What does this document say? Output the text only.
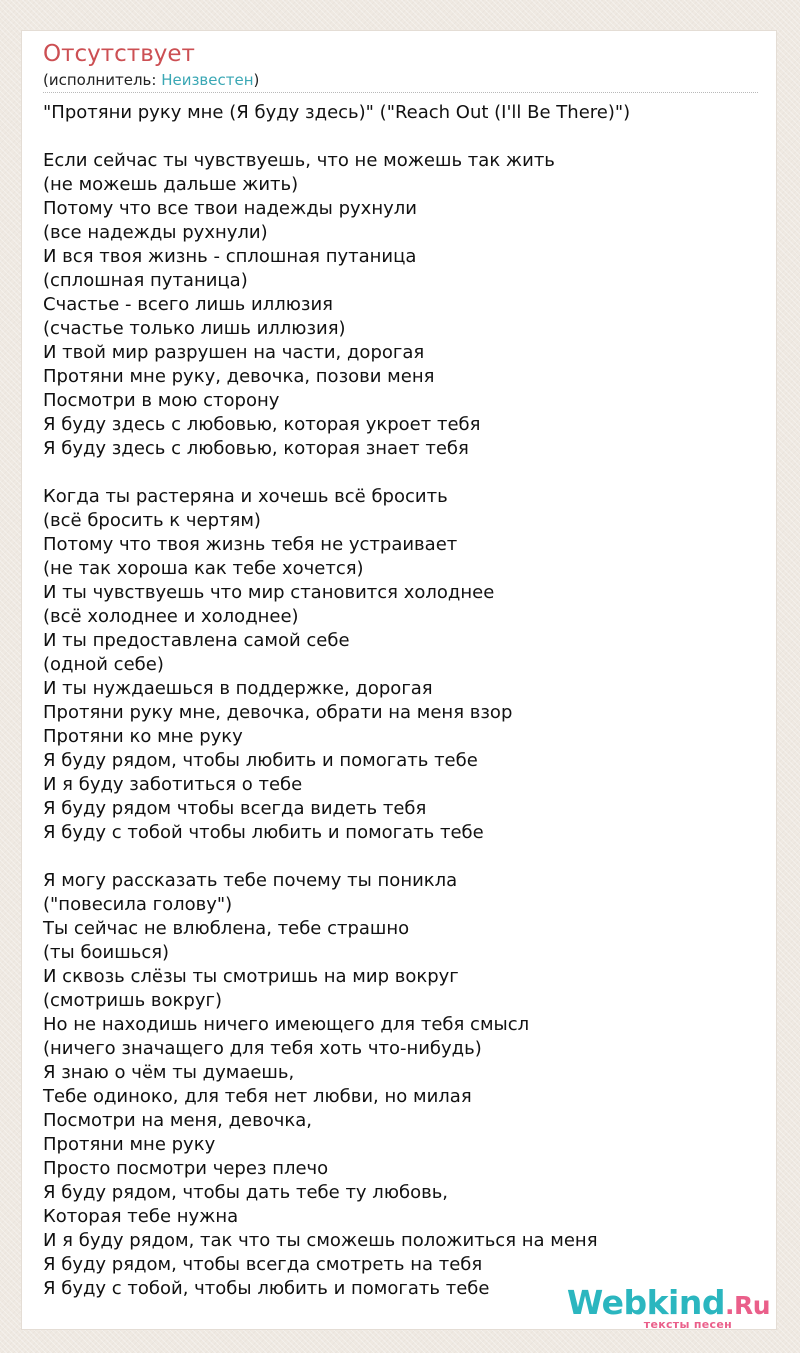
Отсутствует
(исполнитель: Неизвестен)
"Протяни руку мне (Я буду здесь)" ("Reach Out (I'll Be There)")

Если сейчас ты чувствуешь, что не можешь так жить
(не можешь дальше жить)
Потому что все твои надежды рухнули
(все надежды рухнули)
И вся твоя жизнь - сплошная путаница
(сплошная путаница)
Счастье - всего лишь иллюзия
(счастье только лишь иллюзия)
И твой мир разрушен на части, дорогая
Протяни мне руку, девочка, позови меня
Посмотри в мою сторону
Я буду здесь с любовью, которая укроет тебя
Я буду здесь с любовью, которая знает тебя

Когда ты растеряна и хочешь всё бросить
(всё бросить к чертям)
Потому что твоя жизнь тебя не устраивает
(не так хороша как тебе хочется)
И ты чувствуешь что мир становится холоднее
(всё холоднее и холоднее)
И ты предоставлена самой себе
(одной себе)
И ты нуждаешься в поддержке, дорогая
Протяни руку мне, девочка, обрати на меня взор
Протяни ко мне руку
Я буду рядом, чтобы любить и помогать тебе
И я буду заботиться о тебе
Я буду рядом чтобы всегда видеть тебя
Я буду с тобой чтобы любить и помогать тебе

Я могу рассказать тебе почему ты поникла
("повесила голову")
Ты сейчас не влюблена, тебе страшно
(ты боишься)
И сквозь слёзы ты смотришь на мир вокруг
(смотришь вокруг)
Но не находишь ничего имеющего для тебя смысл
(ничего значащего для тебя хоть что-нибудь)
Я знаю о чём ты думаешь,
Тебе одиноко, для тебя нет любви, но милая
Посмотри на меня, девочка,
Протяни мне руку
Просто посмотри через плечо
Я буду рядом, чтобы дать тебе ту любовь,
Которая тебе нужна
И я буду рядом, так что ты сможешь положиться на меня
Я буду рядом, чтобы всегда смотреть на тебя
Я буду с тобой, чтобы любить и помогать тебе	Webkind.Ru
тексты песен
